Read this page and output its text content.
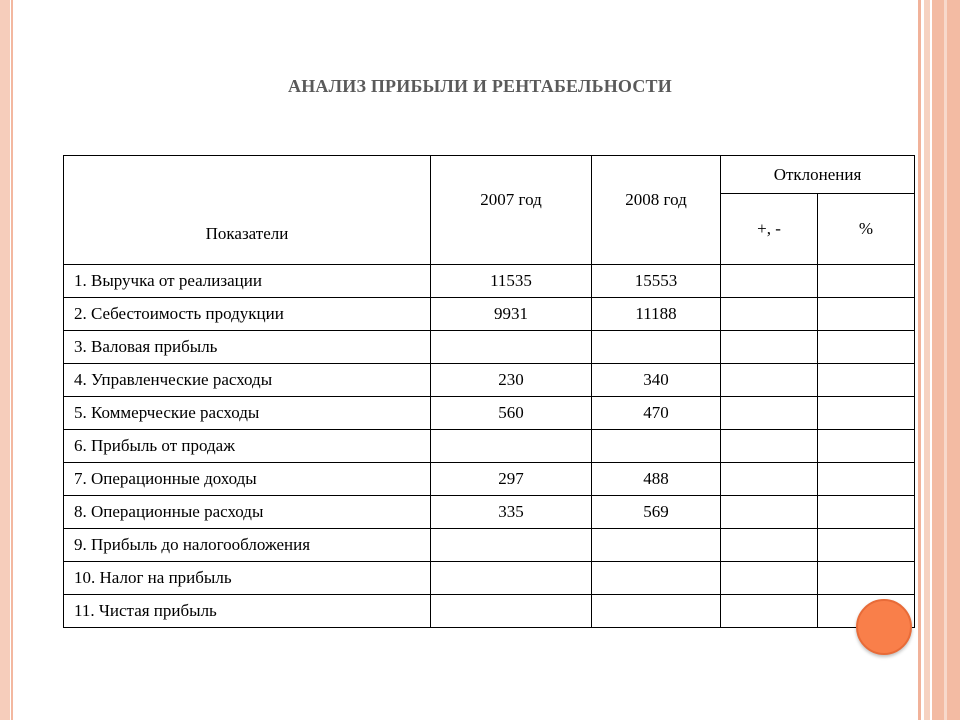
АНАЛИЗ ПРИБЫЛИ И РЕНТАБЕЛЬНОСТИ
Показатели	2007 год	2008 год	Отклонения	
			+, -	%
1. Выручка от реализации	11535	15553		
2. Себестоимость продукции	9931	11188		
3. Валовая прибыль				
4. Управленческие расходы	230	340		
5. Коммерческие расходы	560	470		
6. Прибыль от продаж				
7. Операционные доходы	297	488		
8. Операционные расходы	335	569		
9. Прибыль до налогообложения				
10. Налог на прибыль				
11. Чистая прибыль				
